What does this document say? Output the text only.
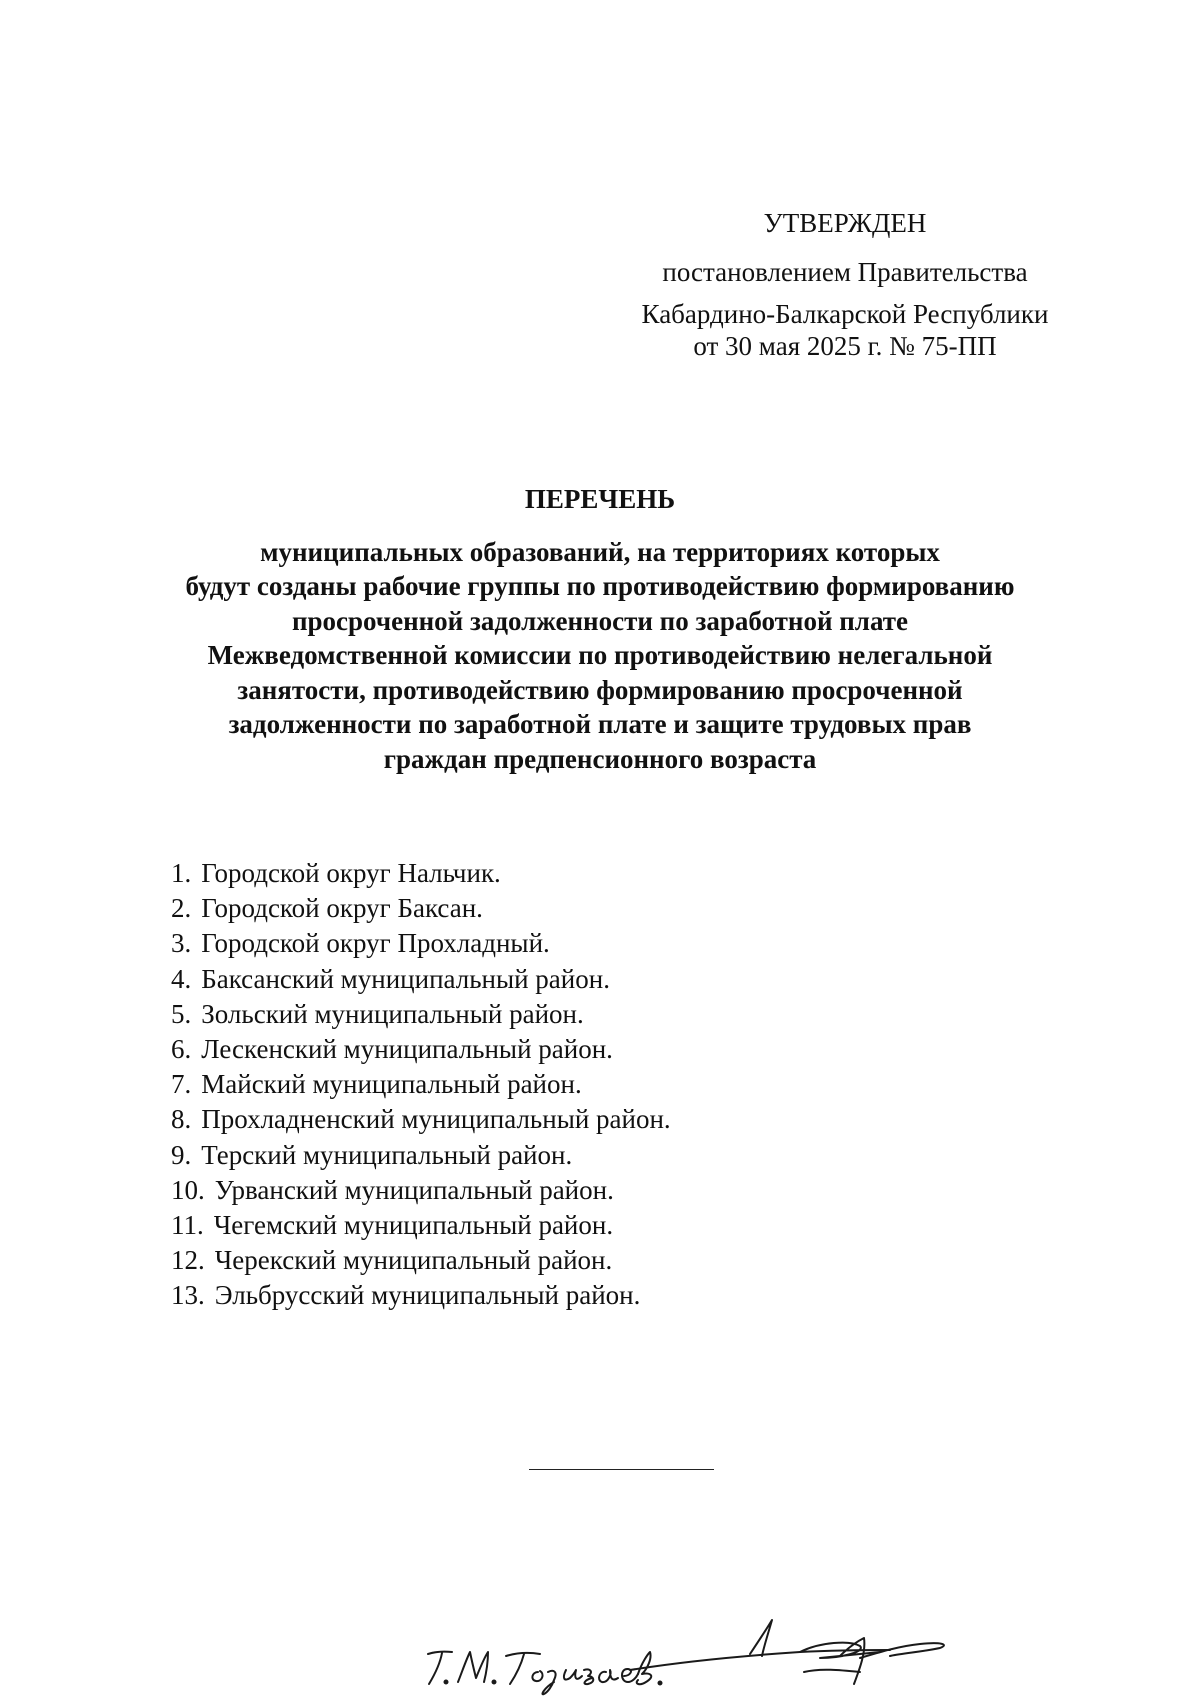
УТВЕРЖДЕН
постановлением Правительства
Кабардино-Балкарской Республики
от 30 мая 2025 г. № 75-ПП
ПЕРЕЧЕНЬ
муниципальных образований, на территориях которых
будут созданы рабочие группы по противодействию формированию
просроченной задолженности по заработной плате
Межведомственной комиссии по противодействию нелегальной
занятости, противодействию формированию просроченной
задолженности по заработной плате и защите трудовых прав
граждан предпенсионного возраста
1. Городской округ Нальчик.
2. Городской округ Баксан.
3. Городской округ Прохладный.
4. Баксанский муниципальный район.
5. Зольский муниципальный район.
6. Лескенский муниципальный район.
7. Майский муниципальный район.
8. Прохладненский муниципальный район.
9. Терский муниципальный район.
10. Урванский муниципальный район.
11. Чегемский муниципальный район.
12. Черекский муниципальный район.
13. Эльбрусский муниципальный район.
